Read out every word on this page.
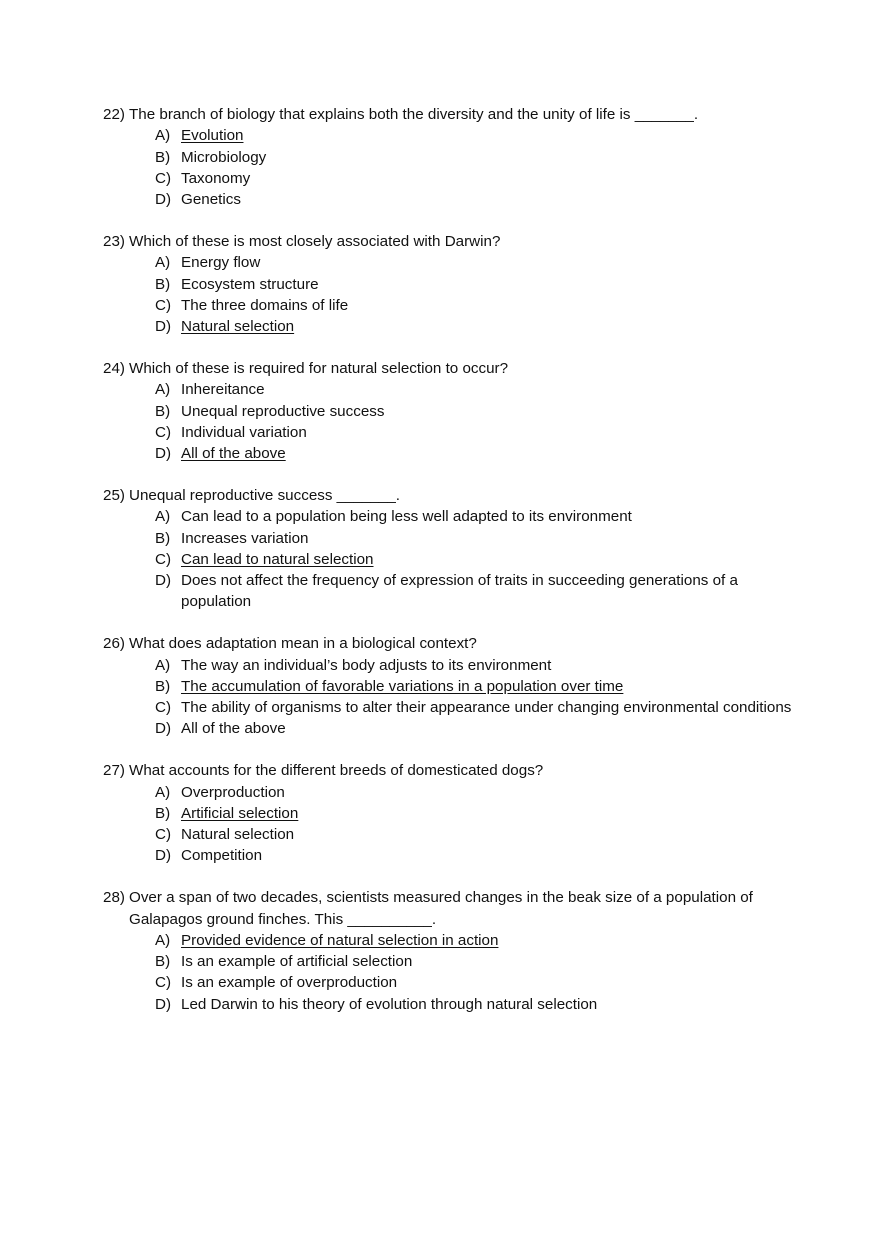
22) The branch of biology that explains both the diversity and the unity of life is _______.
A) Evolution
B) Microbiology
C) Taxonomy
D) Genetics
23) Which of these is most closely associated with Darwin?
A) Energy flow
B) Ecosystem structure
C) The three domains of life
D) Natural selection
24) Which of these is required for natural selection to occur?
A) Inhereitance
B) Unequal reproductive success
C) Individual variation
D) All of the above
25) Unequal reproductive success _______.
A) Can lead to a population being less well adapted to its environment
B) Increases variation
C) Can lead to natural selection
D) Does not affect the frequency of expression of traits in succeeding generations of a population
26) What does adaptation mean in a biological context?
A) The way an individual’s body adjusts to its environment
B) The accumulation of favorable variations in a population over time
C) The ability of organisms to alter their appearance under changing environmental conditions
D) All of the above
27) What accounts for the different breeds of domesticated dogs?
A) Overproduction
B) Artificial selection
C) Natural selection
D) Competition
28) Over a span of two decades, scientists measured changes in the beak size of a population of Galapagos ground finches. This __________.
A) Provided evidence of natural selection in action
B) Is an example of artificial selection
C) Is an example of overproduction
D) Led Darwin to his theory of evolution through natural selection
